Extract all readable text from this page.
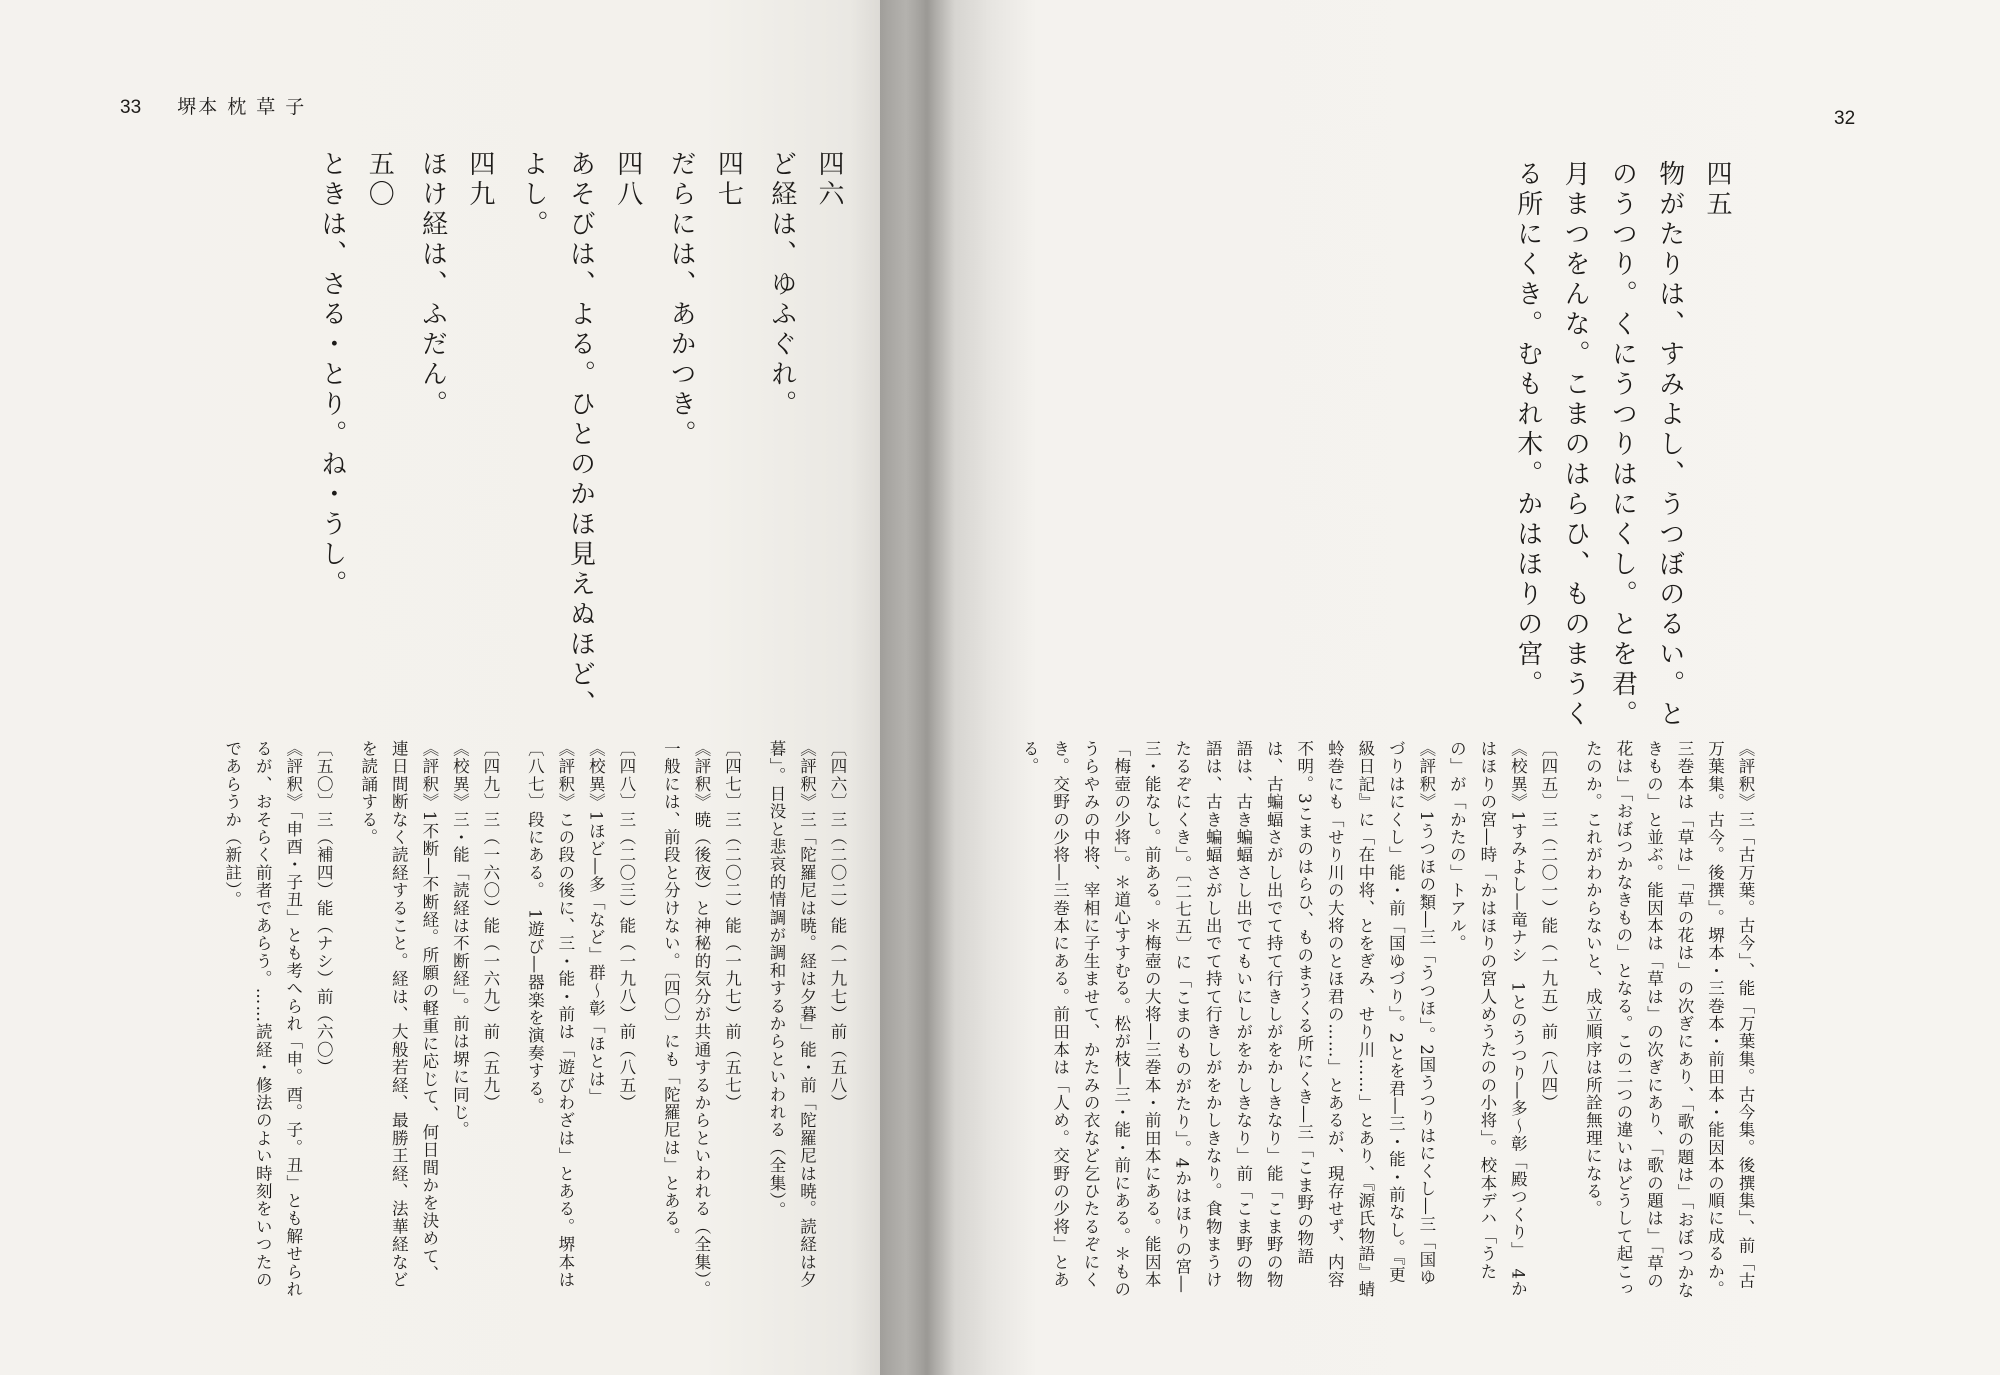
33 堺本 枕 草 子
四六
ど経は、ゆふぐれ。
四七
だらには、あかつき。
四八
あそびは、よる。ひとのかほ見えぬほど、よし。
四九
ほけ経は、ふだん。
五〇
ときは、さる・とり。ね・うし。

〔四六〕三（二〇二）能（一九七）前（五八）

《評釈》三「陀羅尼は暁。経は夕暮」能・前「陀羅尼は暁。読経は夕暮」。日没と悲哀的情調が調和するからといわれる（全集）。

〔四七〕三（二〇二）能（一九七）前（五七）

《評釈》暁（後夜）と神秘的気分が共通するからといわれる（全集）。一般には、前段と分けない。〔四〇〕にも「陀羅尼は」とある。

〔四八〕三（二〇三）能（一九八）前（八五）

《校異》1ほど―多「など」群〜彰「ほとは」

《評釈》この段の後に、三・能・前は「遊びわざは」とある。堺本は〔八七〕段にある。　1遊び―器楽を演奏する。

〔四九〕三（一六〇）能（一六九）前（五九）

《校異》三・能「読経は不断経」。前は堺に同じ。

《評釈》1不断―不断経。所願の軽重に応じて、何日間かを決めて、連日間断なく読経すること。経は、大般若経、最勝王経、法華経などを読誦する。

〔五〇〕三（補四）能（ナシ）前（六〇）

《評釈》「申酉・子丑」とも考へられ「申。酉。子。丑」とも解せられるが、おそらく前者であらう。……読経・修法のよい時刻をいつたのであらうか（新註）。

四五
物がたりは、すみよし、うつぼのるい。とのうつり。くにうつりはにくし。とを君。月まつをんな。こまのはらひ、ものまうくる所にくき。むもれ木。かはほりの宮。

《評釈》三「古万葉。古今」、能「万葉集。古今集。後撰集」、前「古万葉集。古今。後撰」。堺本・三巻本・前田本・能因本の順に成るか。三巻本は「草は」「草の花は」の次ぎにあり、「歌の題は」「おぼつかなきもの」と並ぶ。能因本は「草は」の次ぎにあり、「歌の題は」「草の花は」「おぼつかなきもの」となる。この二つの違いはどうして起こったのか。これがわからないと、成立順序は所詮無理になる。

〔四五〕三（二〇一）能（一九五）前（八四）

《校異》1すみよし―竜ナシ　1とのうつり―多〜彰「殿つくり」　4かはほりの宮―時「かはほりの宮人めうたのの小将」。校本デハ「うたの」が「かたの」トアル。

《評釈》1うつほの類―三「うつほ」。2国うつりはにくし―三「国ゆづりはにくし」能・前「国ゆづり」。2とを君―三・能・前なし。『更級日記』に「在中将、とをぎみ、せり川……」とあり、『源氏物語』蜻蛉巻にも「せり川の大将のとほ君の……」とあるが、現存せず、内容不明。3こまのはらひ、ものまうくる所にくき―三「こま野の物語は、古蝙蝠さがし出でて持て行きしがをかしきなり」能「こま野の物語は、古き蝙蝠さし出でてもいにしがをかしきなり」前「こま野の物語は、古き蝙蝠さがし出でて持て行きしがをかしきなり。食物まうけたるぞにくき」。〔二七五〕に「こまのものがたり」。4かはほりの宮―三・能なし。前ある。＊梅壺の大将―三巻本・前田本にある。能因本「梅壺の少将」。＊道心すすむる。松が枝―三・能・前にある。＊ものうらやみの中将、宰相に子生ませて、かたみの衣など乞ひたるぞにくき。交野の少将―三巻本にある。前田本は「人め。交野の少将」とある。

32
